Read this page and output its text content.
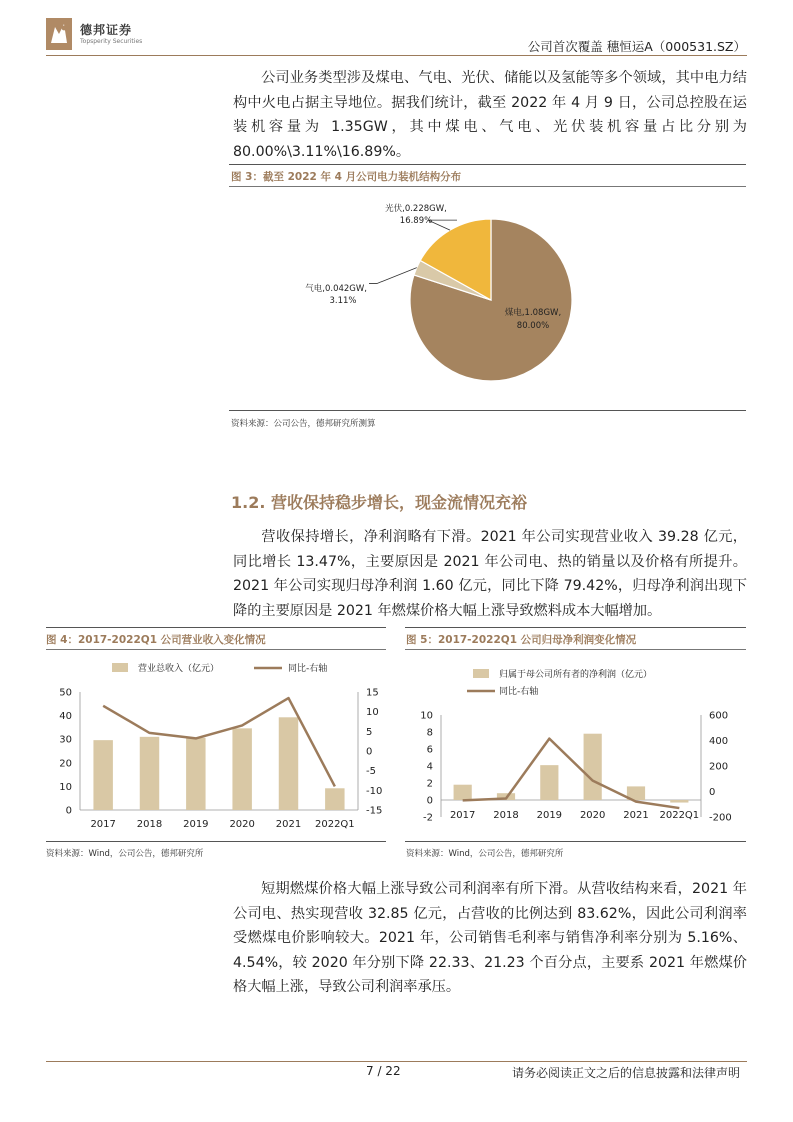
德邦证券
Topsperity Securities	公司首次覆盖 穗恒运A（000531.SZ）
公司业务类型涉及煤电、气电、光伏、储能以及氢能等多个领域，其中电力结构中火电占据主导地位。据我们统计，截至 2022 年 4 月 9 日，公司总控股在运装机容量为 1.35GW，其中煤电、气电、光伏装机容量占比分别为80.00%\3.11%\16.89%。
图 3：截至 2022 年 4 月公司电力装机结构分布
煤电,1.08GW,
80.00%
气电,0.042GW,
3.11%
光伏,0.228GW,
16.89%
资料来源：公司公告，德邦研究所测算
1.2. 营收保持稳步增长，现金流情况充裕
营收保持增长，净利润略有下滑。2021 年公司实现营业收入 39.28 亿元，同比增长 13.47%，主要原因是 2021 年公司电、热的销量以及价格有所提升。2021 年公司实现归母净利润 1.60 亿元，同比下降 79.42%，归母净利润出现下降的主要原因是 2021 年燃煤价格大幅上涨导致燃料成本大幅增加。
图 4：2017-2022Q1 公司营业收入变化情况
营业总收入（亿元）	同比-右轴
0
10
20
30
40
50
-15
-10
-5
0
5
10
15
2017 2018 2019 2020 2021 2022Q1
资料来源：Wind，公司公告，德邦研究所
图 5：2017-2022Q1 公司归母净利润变化情况
归属于母公司所有者的净利润（亿元）
同比-右轴
-2
0
2
4
6
8
10
-200
0
200
400
600
2017 2018 2019 2020 2021 2022Q1
资料来源：Wind，公司公告，德邦研究所
短期燃煤价格大幅上涨导致公司利润率有所下滑。从营收结构来看，2021 年公司电、热实现营收 32.85 亿元，占营收的比例达到 83.62%，因此公司利润率受燃煤电价影响较大。2021 年，公司销售毛利率与销售净利率分别为 5.16%、4.54%，较 2020 年分别下降 22.33、21.23 个百分点，主要系 2021 年燃煤价格大幅上涨，导致公司利润率承压。
7 / 22	请务必阅读正文之后的信息披露和法律声明
